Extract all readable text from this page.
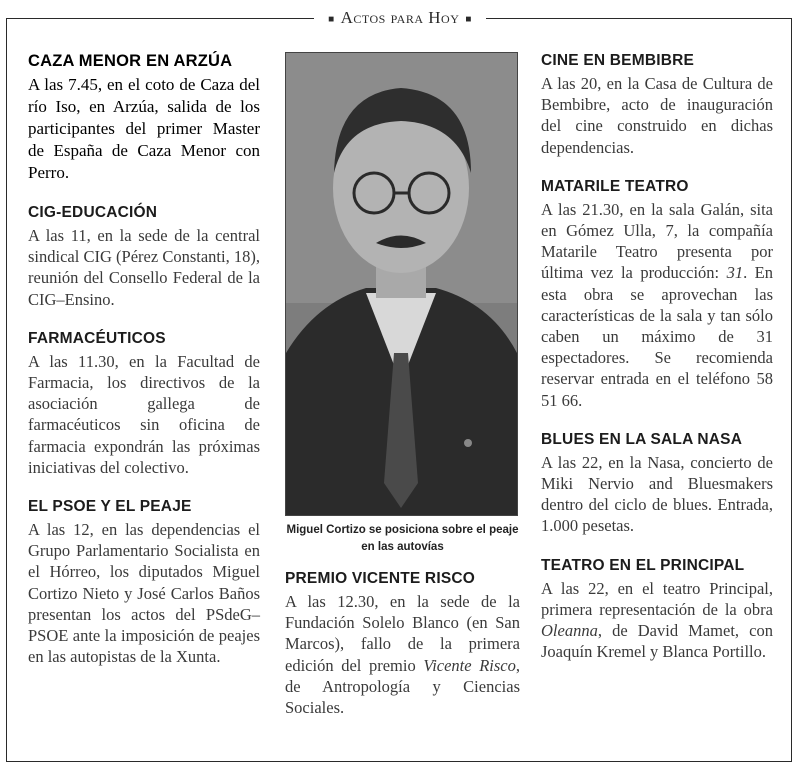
■ Actos para Hoy ■
CAZA MENOR EN ARZÚA

A las 7.45, en el coto de Caza del río Iso, en Arzúa, salida de los participantes del primer Master de España de Caza Menor con Perro.

CIG-EDUCACIÓN

A las 11, en la sede de la central sindical CIG (Pérez Constanti, 18), reunión del Consello Federal de la CIG–Ensino.

FARMACÉUTICOS

A las 11.30, en la Facultad de Farmacia, los directivos de la asociación gallega de farmacéuticos sin oficina de farmacia expondrán las próximas iniciativas del colectivo.

EL PSOE Y EL PEAJE

A las 12, en las dependencias el Grupo Parlamentario Socialista en el Hórreo, los diputados Miguel Cortizo Nieto y José Carlos Baños presentan los actos del PSdeG–PSOE ante la imposición de peajes en las autopistas de la Xunta.

Miguel Cortizo se posiciona sobre el peaje en las autovías
PREMIO VICENTE RISCO

A las 12.30, en la sede de la Fundación Solelo Blanco (en San Marcos), fallo de la primera edición del premio Vicente Risco, de Antropología y Ciencias Sociales.

CINE EN BEMBIBRE

A las 20, en la Casa de Cultura de Bembibre, acto de inauguración del cine construido en dichas dependencias.

MATARILE TEATRO

A las 21.30, en la sala Galán, sita en Gómez Ulla, 7, la compañía Matarile Teatro presenta por última vez la producción: 31. En esta obra se aprovechan las características de la sala y tan sólo caben un máximo de 31 espectadores. Se recomienda reservar entrada en el teléfono 58 51 66.

BLUES EN LA SALA NASA

A las 22, en la Nasa, concierto de Miki Nervio and Bluesmakers dentro del ciclo de blues. Entrada, 1.000 pesetas.

TEATRO EN EL PRINCIPAL

A las 22, en el teatro Principal, primera representación de la obra Oleanna, de David Mamet, con Joaquín Kremel y Blanca Portillo.
